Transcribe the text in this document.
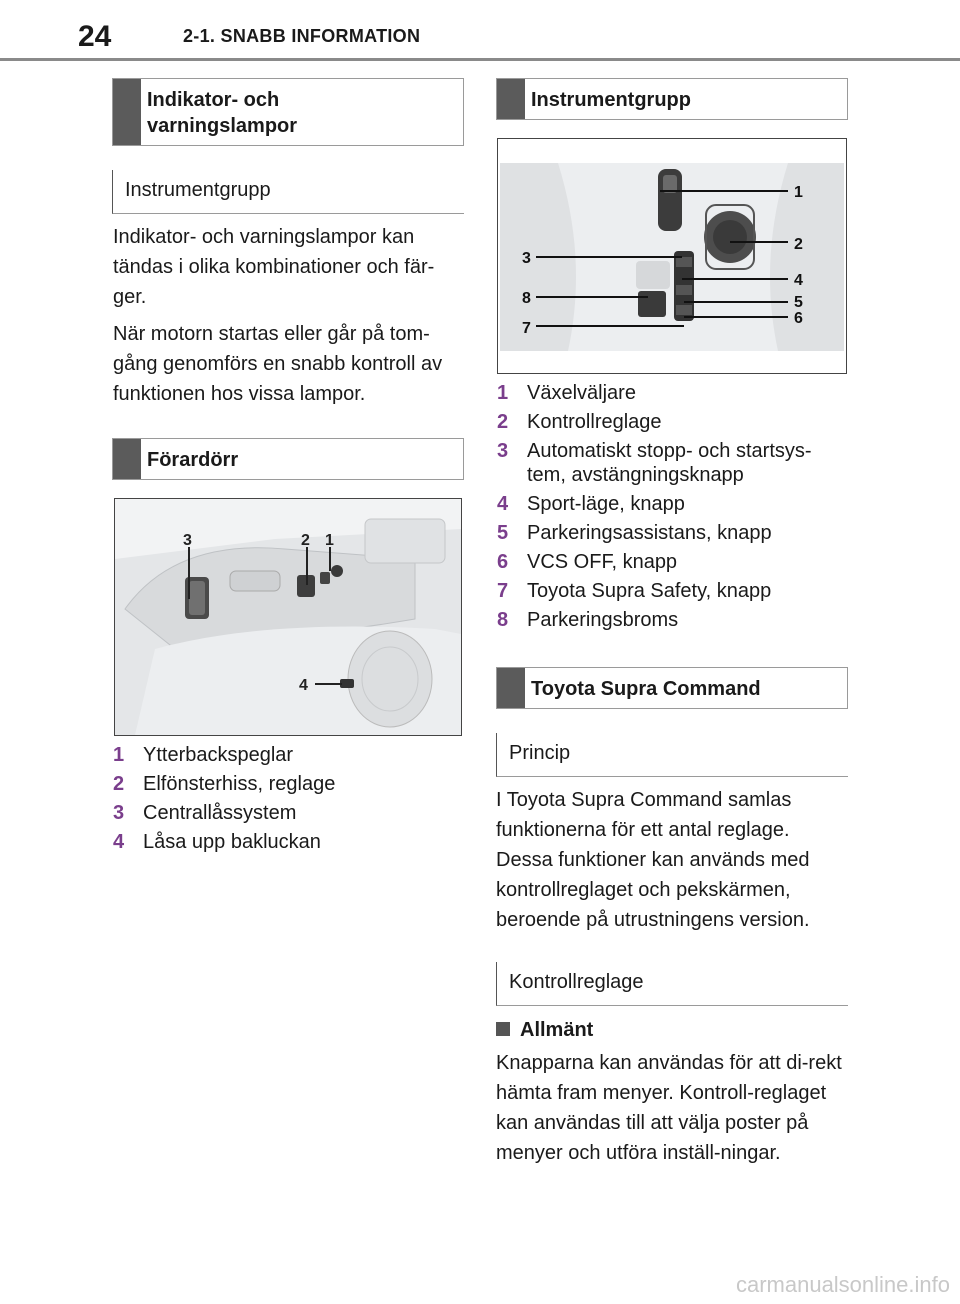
24	2-1. SNABB INFORMATION
Indikator- och varningslampor
Instrumentgrupp

Indikator- och varningslampor kan tändas i olika kombinationer och fär-ger.

När motorn startas eller går på tom-gång genomförs en snabb kontroll av funktionen hos vissa lampor.

Förardörr
3	2 1
4
1 Ytterbackspeglar
2 Elfönsterhiss, reglage
3 Centrallåssystem
4 Låsa upp bakluckan
Instrumentgrupp
1
2
3
4
8	5
6
7
1 Växelväljare
2 Kontrollreglage
3 Automatiskt stopp- och startsys-tem, avstängningsknapp
4 Sport-läge, knapp
5 Parkeringsassistans, knapp
6 VCS OFF, knapp
7 Toyota Supra Safety, knapp
8 Parkeringsbroms
Toyota Supra Command
Princip

I Toyota Supra Command samlas funktionerna för ett antal reglage. Dessa funktioner kan används med kontrollreglaget och pekskärmen, beroende på utrustningens version.

Kontrollreglage
Allmänt

Knapparna kan användas för att di-rekt hämta fram menyer. Kontroll-reglaget kan användas till att välja poster på menyer och utföra inställ-ningar.

carmanualsonline.info
